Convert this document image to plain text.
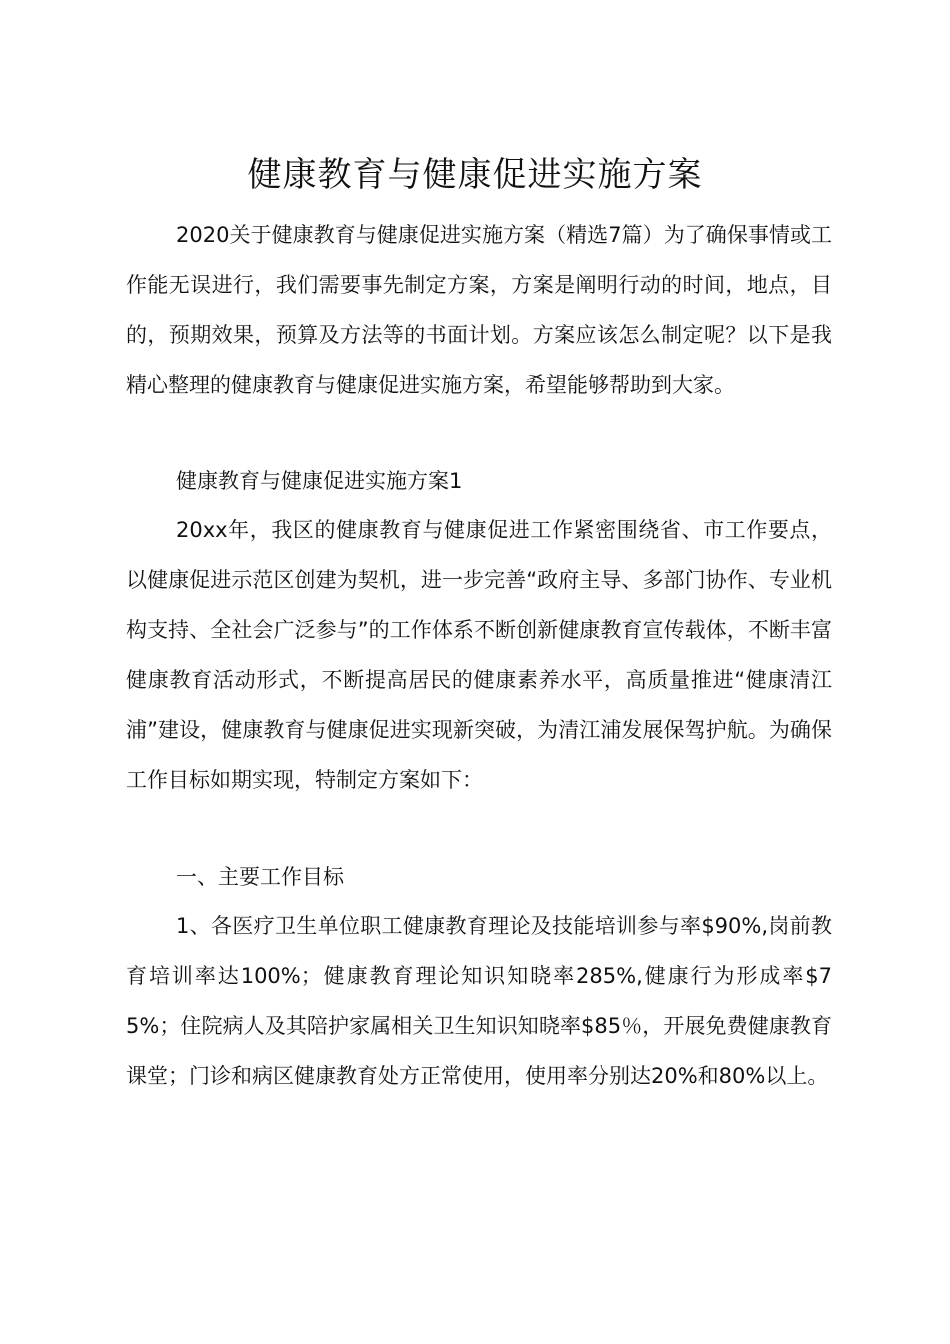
健康教育与健康促进实施方案

2020关于健康教育与健康促进实施方案（精选7篇）为了确保事情或工作能无误进行，我们需要事先制定方案，方案是阐明行动的时间，地点，目的，预期效果，预算及方法等的书面计划。方案应该怎么制定呢？以下是我精心整理的健康教育与健康促进实施方案，希望能够帮助到大家。

健康教育与健康促进实施方案1

20xx年，我区的健康教育与健康促进工作紧密围绕省、市工作要点，以健康促进示范区创建为契机，进一步完善“政府主导、多部门协作、专业机构支持、全社会广泛参与”的工作体系不断创新健康教育宣传载体，不断丰富健康教育活动形式，不断提高居民的健康素养水平，高质量推进“健康清江浦”建设，健康教育与健康促进实现新突破，为清江浦发展保驾护航。为确保工作目标如期实现，特制定方案如下：

一、主要工作目标

1、各医疗卫生单位职工健康教育理论及技能培训参与率$90%,岗前教育培训率达100%；健康教育理论知识知晓率285%,健康行为形成率$75%；住院病人及其陪护家属相关卫生知识知晓率$85％，开展免费健康教育课堂；门诊和病区健康教育处方正常使用，使用率分别达20%和80%以上。
